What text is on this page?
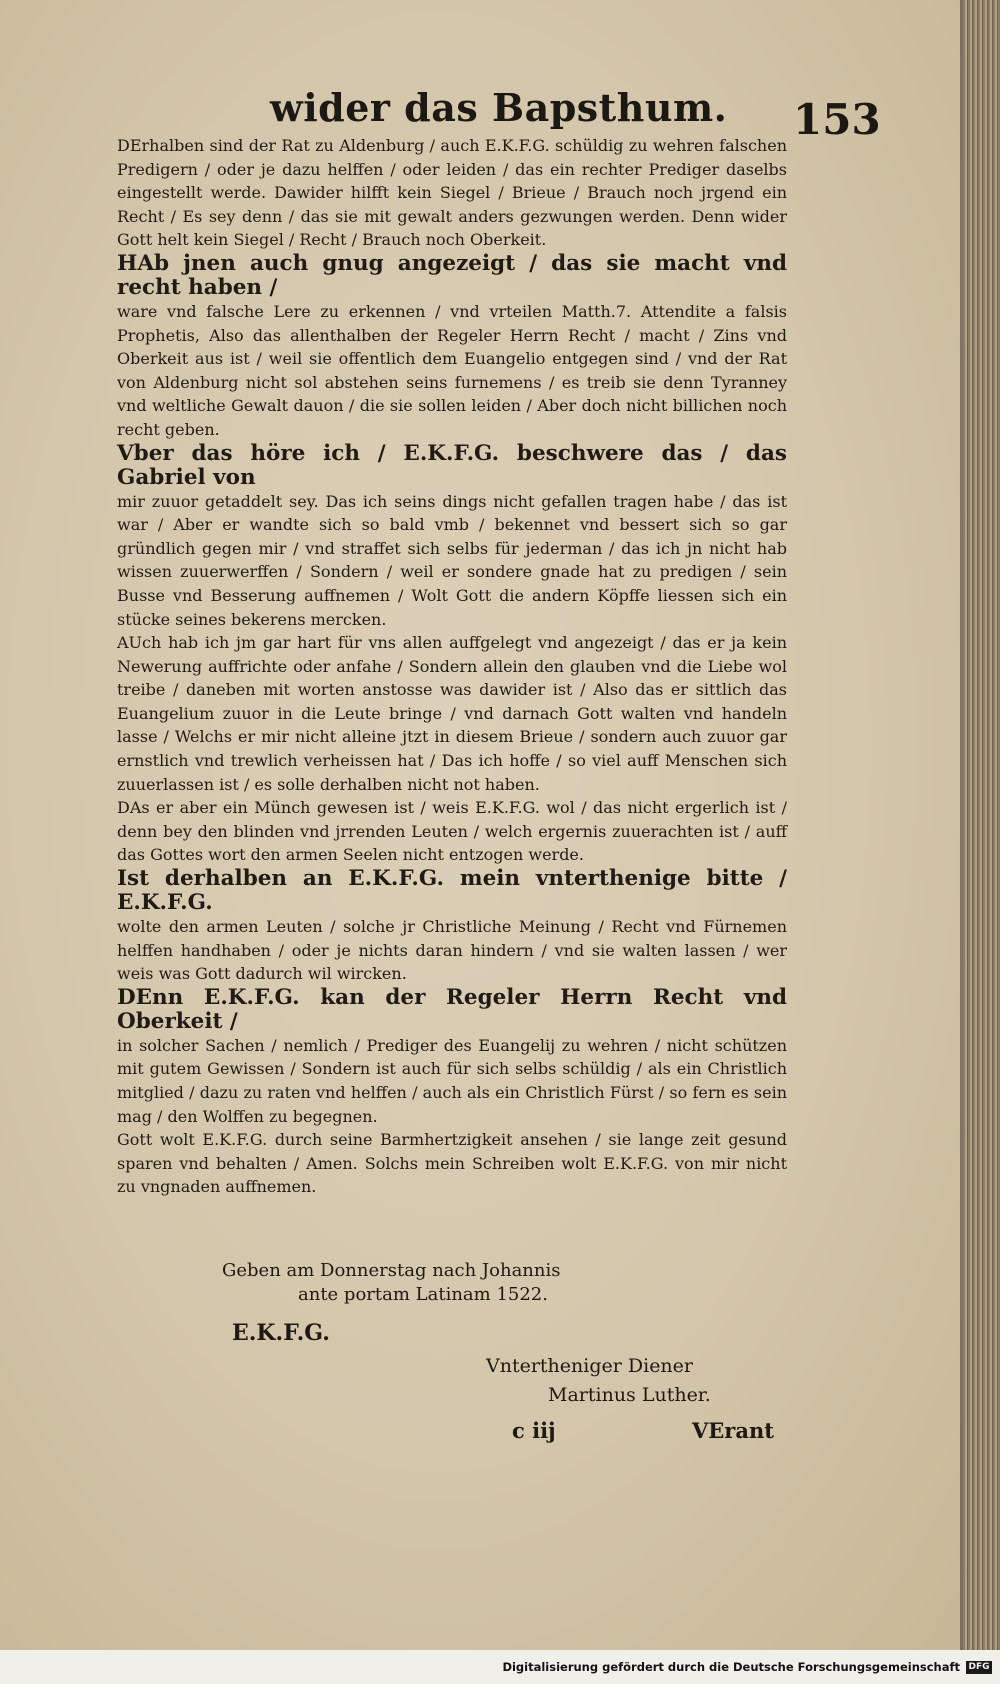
wider das Bapsthum.	153

DErhalben sind der Rat zu Aldenburg / auch E.K.F.G. schüldig zu wehren falschen Predigern / oder je dazu helffen / oder leiden / das ein rechter Prediger daselbs eingestellt werde. Dawider hilfft kein Siegel / Brieue / Brauch noch jrgend ein Recht / Es sey denn / das sie mit gewalt anders gezwungen werden. Denn wider Gott helt kein Siegel / Recht / Brauch noch Oberkeit.

HAb jnen auch gnug angezeigt / das sie macht vnd recht haben /

ware vnd falsche Lere zu erkennen / vnd vrteilen Matth.7. Attendite a falsis Prophetis, Also das allenthalben der Regeler Herrn Recht / macht / Zins vnd Oberkeit aus ist / weil sie offentlich dem Euangelio entgegen sind / vnd der Rat von Aldenburg nicht sol abstehen seins furnemens / es treib sie denn Tyranney vnd weltliche Gewalt dauon / die sie sollen leiden / Aber doch nicht billichen noch recht geben.

Vber das höre ich / E.K.F.G. beschwere das / das Gabriel von

mir zuuor getaddelt sey. Das ich seins dings nicht gefallen tragen habe / das ist war / Aber er wandte sich so bald vmb / bekennet vnd bessert sich so gar gründlich gegen mir / vnd straffet sich selbs für jederman / das ich jn nicht hab wissen zuuerwerffen / Sondern / weil er sondere gnade hat zu predigen / sein Busse vnd Besserung auffnemen / Wolt Gott die andern Köpffe liessen sich ein stücke seines bekerens mercken.

AUch hab ich jm gar hart für vns allen auffgelegt vnd angezeigt / das er ja kein Newerung auffrichte oder anfahe / Sondern allein den glauben vnd die Liebe wol treibe / daneben mit worten anstosse was dawider ist / Also das er sittlich das Euangelium zuuor in die Leute bringe / vnd darnach Gott walten vnd handeln lasse / Welchs er mir nicht alleine jtzt in diesem Brieue / sondern auch zuuor gar ernstlich vnd trewlich verheissen hat / Das ich hoffe / so viel auff Menschen sich zuuerlassen ist / es solle derhalben nicht not haben.

DAs er aber ein Münch gewesen ist / weis E.K.F.G. wol / das nicht ergerlich ist / denn bey den blinden vnd jrrenden Leuten / welch ergernis zuuerachten ist / auff das Gottes wort den armen Seelen nicht entzogen werde.

Ist derhalben an E.K.F.G. mein vnterthenige bitte / E.K.F.G.

wolte den armen Leuten / solche jr Christliche Meinung / Recht vnd Fürnemen helffen handhaben / oder je nichts daran hindern / vnd sie walten lassen / wer weis was Gott dadurch wil wircken.

DEnn E.K.F.G. kan der Regeler Herrn Recht vnd Oberkeit /

in solcher Sachen / nemlich / Prediger des Euangelij zu wehren / nicht schützen mit gutem Gewissen / Sondern ist auch für sich selbs schüldig / als ein Christlich mitglied / dazu zu raten vnd helffen / auch als ein Christlich Fürst / so fern es sein mag / den Wolffen zu begegnen.

Gott wolt E.K.F.G. durch seine Barmhertzigkeit ansehen / sie lange zeit gesund sparen vnd behalten / Amen. Solchs mein Schreiben wolt E.K.F.G. von mir nicht zu vngnaden auffnemen.

Geben am Donnerstag nach Johannis
ante portam Latinam 1522.
E.K.F.G.
Vntertheniger Diener
Martinus Luther.
c iij	VErant
Digitalisierung gefördert durch die Deutsche Forschungsgemeinschaft DFG
